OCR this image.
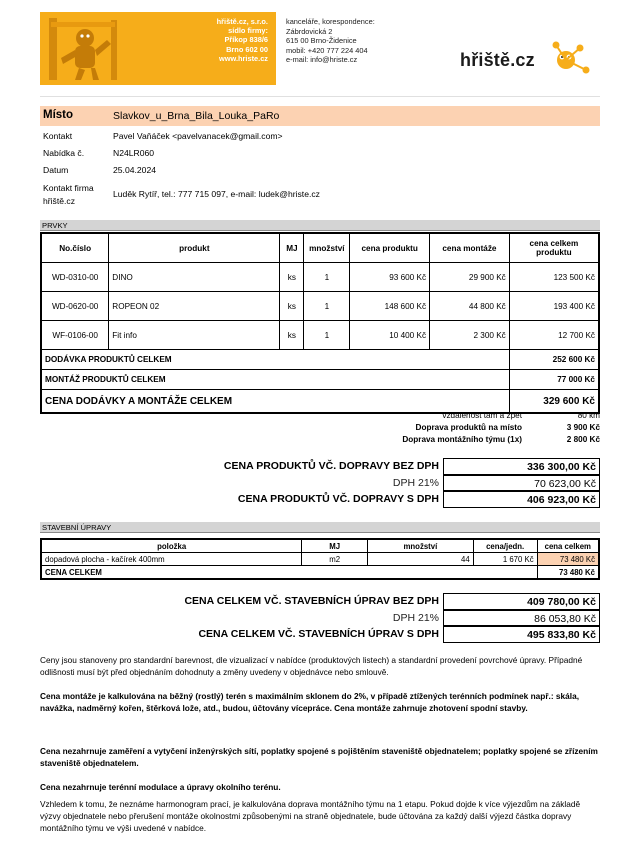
hřiště.cz, s.r.o.
sídlo firmy:
Příkop 838/6
Brno 602 00
www.hriste.cz
kanceláře, korespondence:
Zábrdovická 2
615 00 Brno-Židenice
mobil: +420 777 224 404
e-mail: info@hriste.cz	hřiště.cz
Místo	Slavkov_u_Brna_Bila_Louka_PaRo
Kontakt	Pavel Vaňáček <pavelvanacek@gmail.com>
Nabídka č.	N24LR060
Datum	25.04.2024
Kontakt firma hřiště.cz
Luděk Rytíř, tel.: 777 715 097, e-mail: ludek@hriste.cz
PRVKY
No.číslo	produkt	MJ	množství	cena produktu	cena montáže	cena celkem produktu
WD-0310-00	DINO	ks	1	93 600 Kč	29 900 Kč	123 500 Kč
WD-0620-00	ROPEON 02	ks	1	148 600 Kč	44 800 Kč	193 400 Kč
WF-0106-00	Fit info	ks	1	10 400 Kč	2 300 Kč	12 700 Kč
DODÁVKA PRODUKTŮ CELKEM						252 600 Kč
MONTÁŽ PRODUKTŮ CELKEM						77 000 Kč
CENA DODÁVKY A MONTÁŽE CELKEM						329 600 Kč
vzdálenost tam a zpět	80 km
Doprava produktů na místo	3 900 Kč
Doprava montážního týmu (1x)	2 800 Kč
CENA PRODUKTŮ VČ. DOPRAVY BEZ DPH	336 300,00 Kč
DPH 21%	70 623,00 Kč
CENA PRODUKTŮ VČ. DOPRAVY S DPH	406 923,00 Kč
STAVEBNÍ ÚPRAVY
položka	MJ	množství	cena/jedn.	cena celkem
dopadová plocha - kačírek 400mm	m2	44	1 670 Kč	73 480 Kč
CENA CELKEM				73 480 Kč
CENA CELKEM VČ. STAVEBNÍCH ÚPRAV BEZ DPH	409 780,00 Kč
DPH 21%	86 053,80 Kč
CENA CELKEM VČ. STAVEBNÍCH ÚPRAV S DPH	495 833,80 Kč
Ceny jsou stanoveny pro standardní barevnost, dle vizualizací v nabídce (produktových listech) a standardní provedení povrchové úpravy. Případné odlišnosti musí být před objednáním dohodnuty a změny uvedeny v objednávce nebo smlouvě.
Cena montáže je kalkulována na běžný (rostlý) terén s maximálním sklonem do 2%, v případě ztížených terénních podmínek např.: skála, navážka, nadměrný kořen, štěrková lože, atd., budou, účtovány vícepráce. Cena montáže zahrnuje zhotovení spodní stavby.
Cena nezahrnuje zaměření a vytyčení inženýrských sítí, poplatky spojené s pojištěním staveniště objednatelem; poplatky spojené se zřízením staveniště objednatelem.
Cena nezahrnuje terénní modulace a úpravy okolního terénu.
Vzhledem k tomu, že neznáme harmonogram prací, je kalkulována doprava montážního týmu na 1 etapu. Pokud dojde k více výjezdům na základě výzvy objednatele nebo přerušení montáže okolnostmi způsobenými na straně objednatele, bude účtována za každý další výjezd částka dopravy montážního týmu ve výši uvedené v nabídce.
